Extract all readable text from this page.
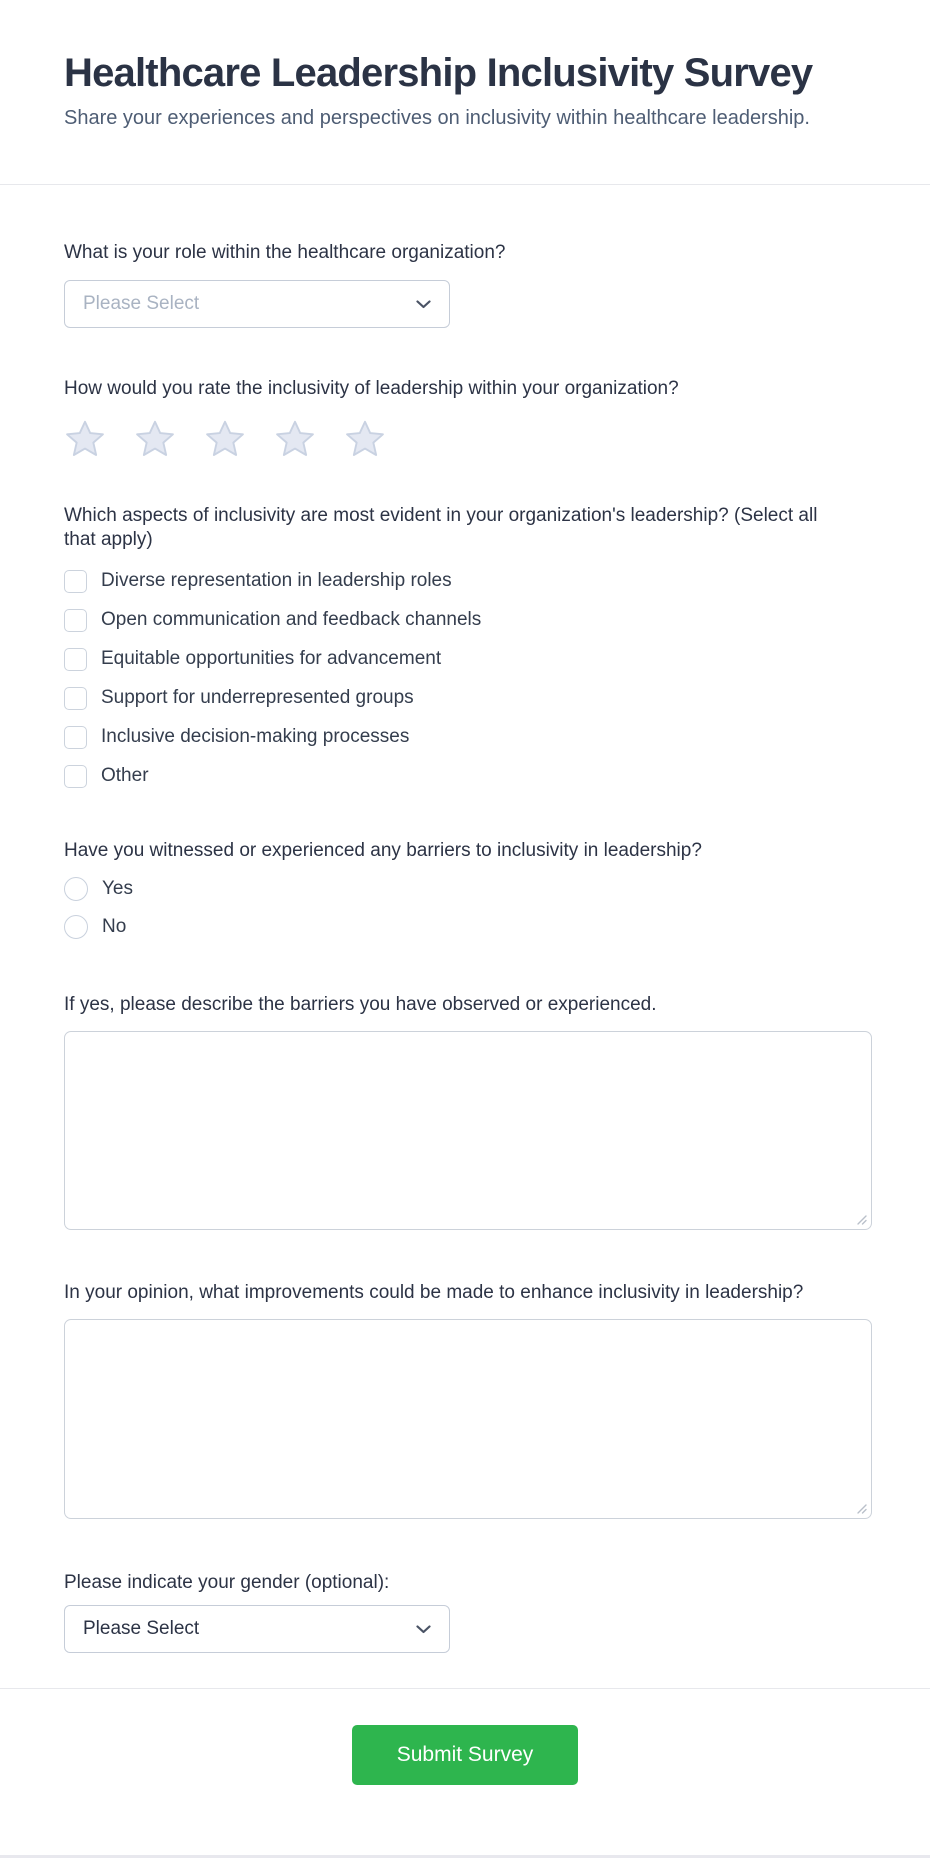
Healthcare Leadership Inclusivity Survey
Share your experiences and perspectives on inclusivity within healthcare leadership.
What is your role within the healthcare organization?
Please Select
How would you rate the inclusivity of leadership within your organization?
Which aspects of inclusivity are most evident in your organization's leadership? (Select all that apply)
Diverse representation in leadership roles
Open communication and feedback channels
Equitable opportunities for advancement
Support for underrepresented groups
Inclusive decision-making processes
Other
Have you witnessed or experienced any barriers to inclusivity in leadership?
Yes
No
If yes, please describe the barriers you have observed or experienced.
In your opinion, what improvements could be made to enhance inclusivity in leadership?
Please indicate your gender (optional):
Please Select
Submit Survey
